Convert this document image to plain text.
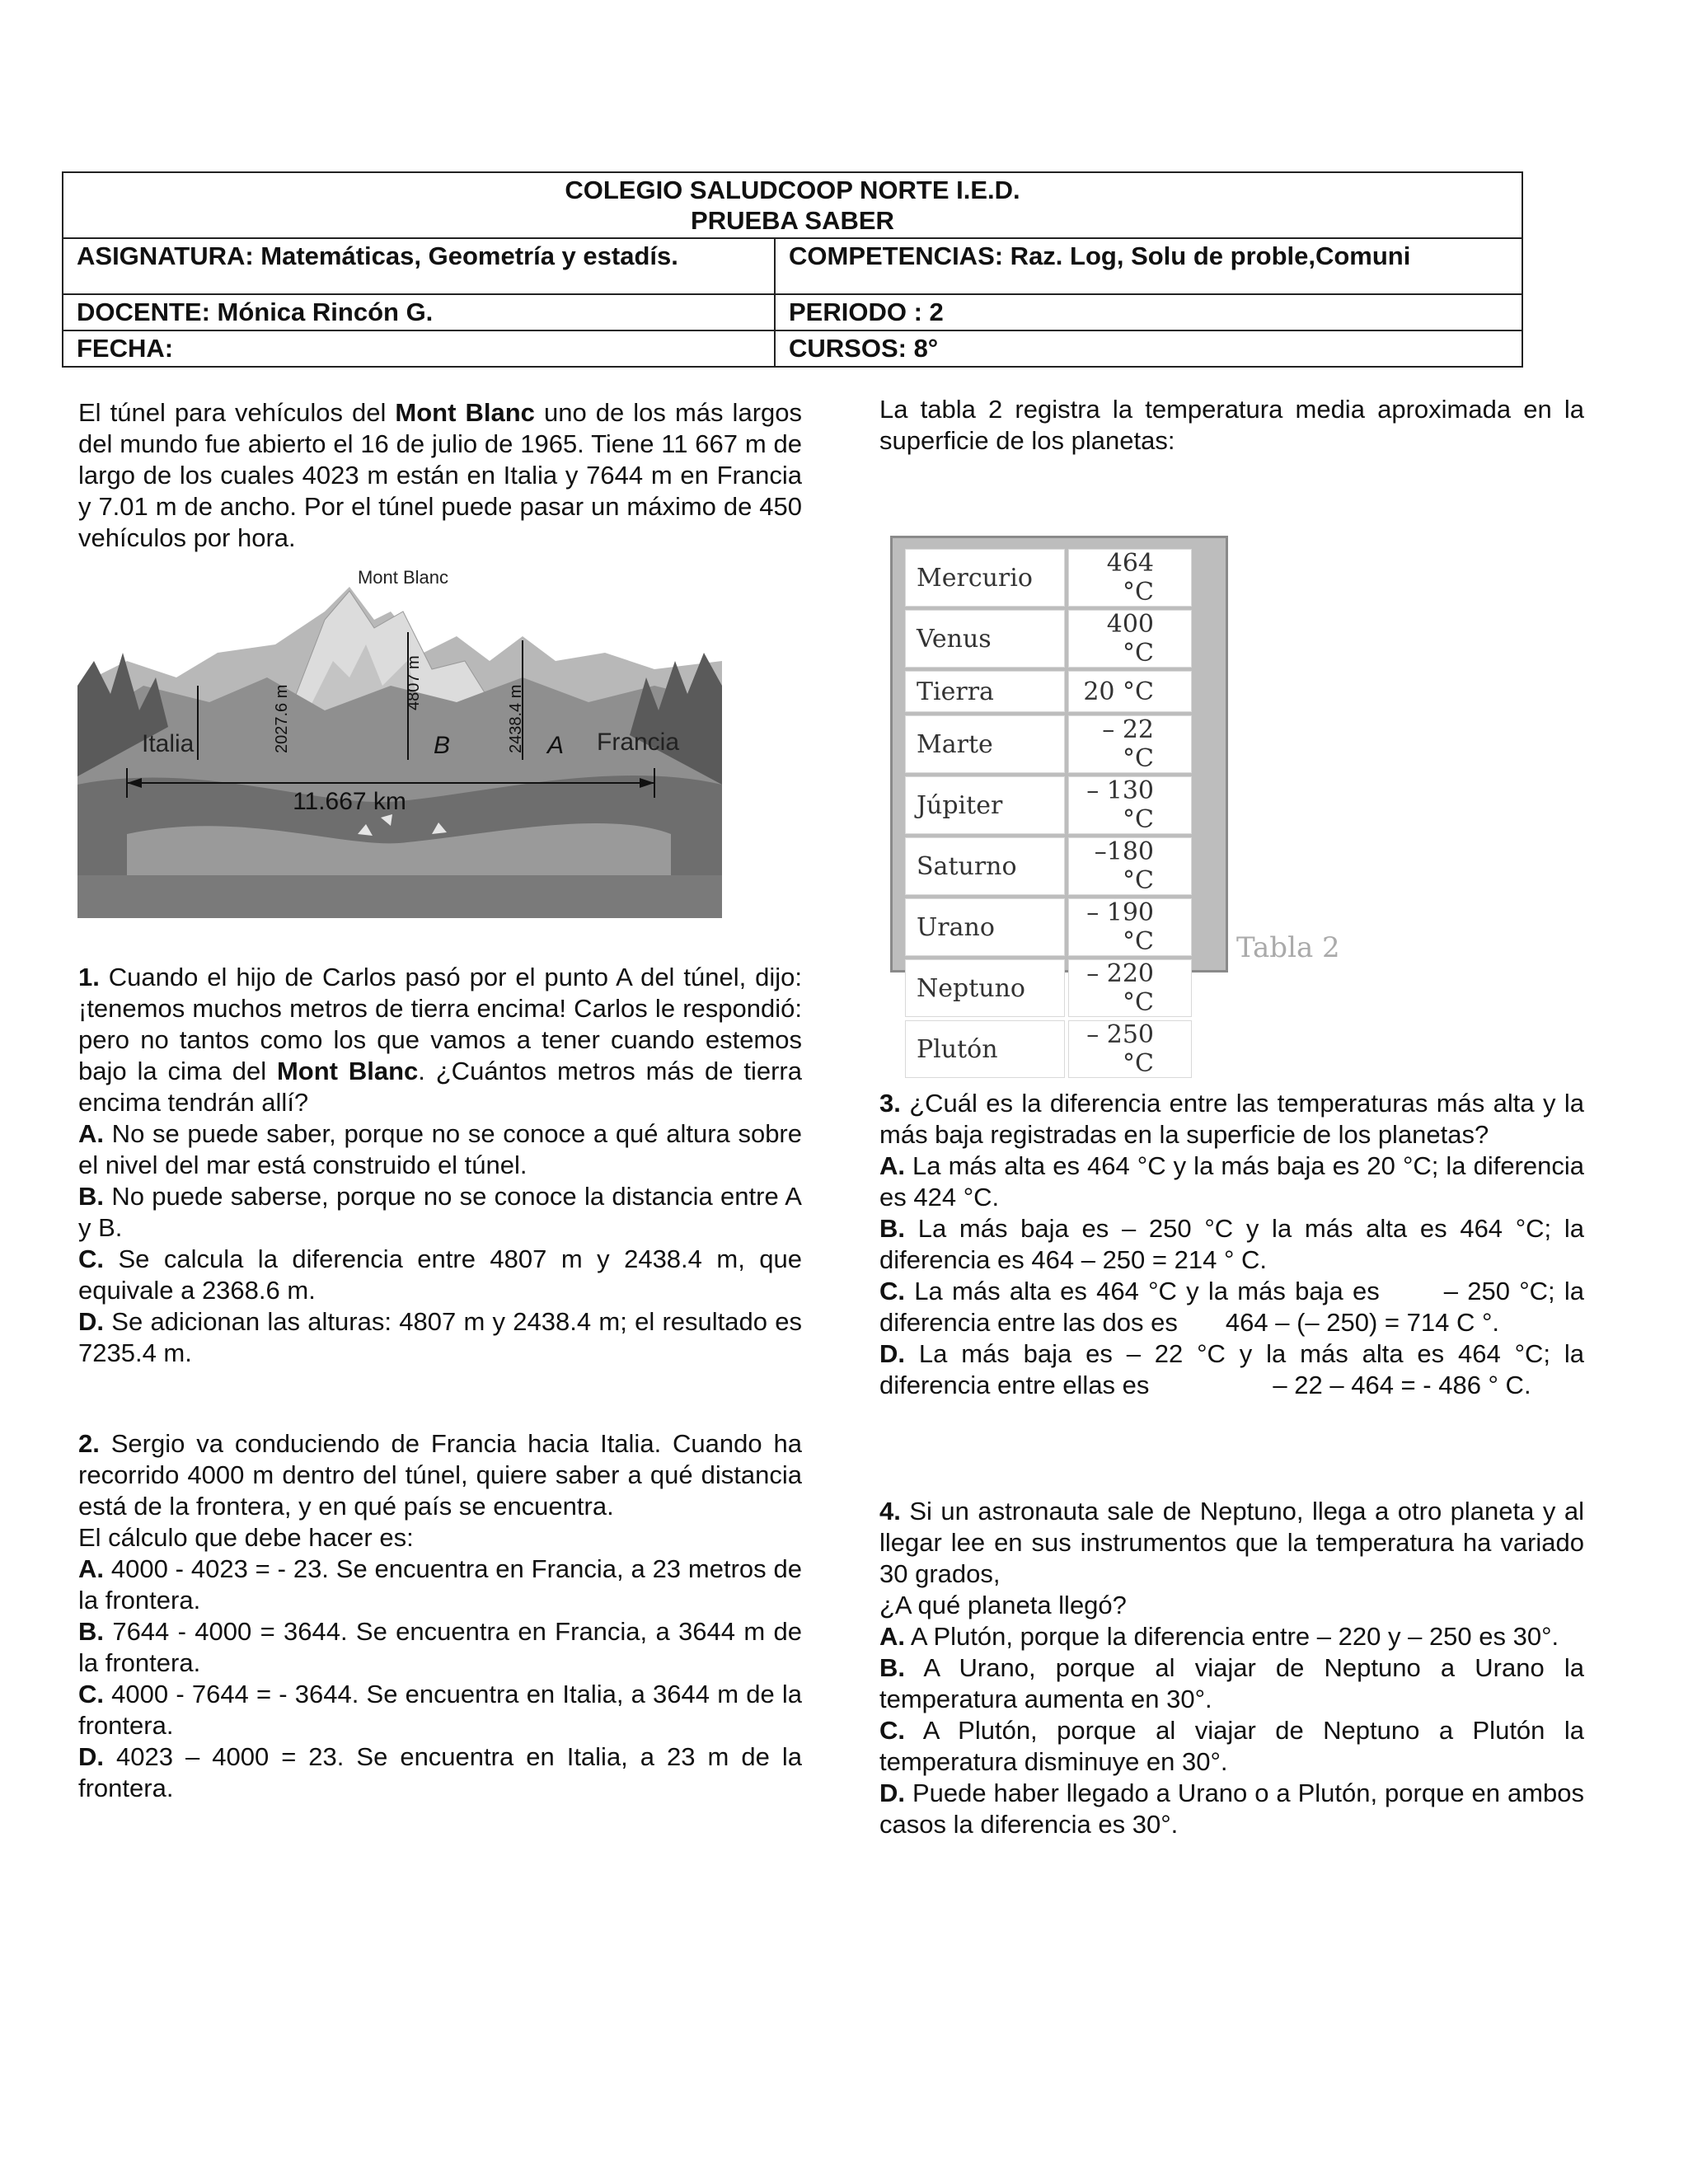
COLEGIO SALUDCOOP NORTE I.E.D.
PRUEBA SABER	

ASIGNATURA: Matemáticas, Geometría y estadís.	COMPETENCIAS: Raz. Log, Solu de proble,Comuni
DOCENTE: Mónica Rincón G.	PERIODO : 2
FECHA:	CURSOS: 8°

El túnel para vehículos del Mont Blanc uno de los más largos del mundo fue abierto el 16 de julio de 1965. Tiene 11 667 m de largo de los cuales 4023 m están en Italia y 7644 m en Francia y 7.01 m de ancho. Por el túnel puede pasar un máximo de 450 vehículos por hora.

Mont Blanc
Italia	Francia
11.667 km
2027.6 m
4807 m
2438.4 m
B	A

1. Cuando el hijo de Carlos pasó por el punto A del túnel, dijo: ¡tenemos muchos metros de tierra encima! Carlos le respondió: pero no tantos como los que vamos a tener cuando estemos bajo la cima del Mont Blanc. ¿Cuántos metros más de tierra encima tendrán allí?

A. No se puede saber, porque no se conoce a qué altura sobre el nivel del mar está construido el túnel.

B. No puede saberse, porque no se conoce la distancia entre A y B.

C. Se calcula la diferencia entre 4807 m y 2438.4 m, que equivale a 2368.6 m.

D. Se adicionan las alturas: 4807 m y 2438.4 m; el resultado es 7235.4 m.

2. Sergio va conduciendo de Francia hacia Italia. Cuando ha recorrido 4000 m dentro del túnel, quiere saber a qué distancia está de la frontera, y en qué país se encuentra.

El cálculo que debe hacer es:

A. 4000 - 4023 = - 23. Se encuentra en Francia, a 23 metros de la frontera.

B. 7644 - 4000 = 3644. Se encuentra en Francia, a 3644 m de la frontera.

C. 4000 - 7644 = - 3644. Se encuentra en Italia, a 3644 m de la frontera.

D. 4023 – 4000 = 23. Se encuentra en Italia, a 23 m de la frontera.

La tabla 2 registra la temperatura media aproximada en la superficie de los planetas:

Mercurio	464 °C
Venus	400 °C
Tierra	20 °C
Marte	– 22 °C
Júpiter	– 130 °C
Saturno	–180 °C
Urano	– 190 °C
Neptuno	– 220 °C
Plutón	– 250 °C
Tabla 2

3. ¿Cuál es la diferencia entre las temperaturas más alta y la más baja registradas en la superficie de los planetas?

A. La más alta es 464 °C y la más baja es 20 °C; la diferencia es 424 °C.

B. La más baja es – 250 °C y la más alta es 464 °C; la diferencia es 464 – 250 = 214 ° C.

C. La más alta es 464 °C y la más baja es	– 250 °C; la diferencia entre las dos es 464 – (– 250) = 714 C °.

D. La más baja es – 22 °C y la más alta es 464 °C; la diferencia entre ellas es	– 22 – 464 = - 486 ° C.

4. Si un astronauta sale de Neptuno, llega a otro planeta y al llegar lee en sus instrumentos que la temperatura ha variado 30 grados,

¿A qué planeta llegó?

A. A Plutón, porque la diferencia entre – 220 y – 250 es 30°.

B. A Urano, porque al viajar de Neptuno a Urano la temperatura aumenta en 30°.

C. A Plutón, porque al viajar de Neptuno a Plutón la temperatura disminuye en 30°.

D. Puede haber llegado a Urano o a Plutón, porque en ambos casos la diferencia es 30°.
